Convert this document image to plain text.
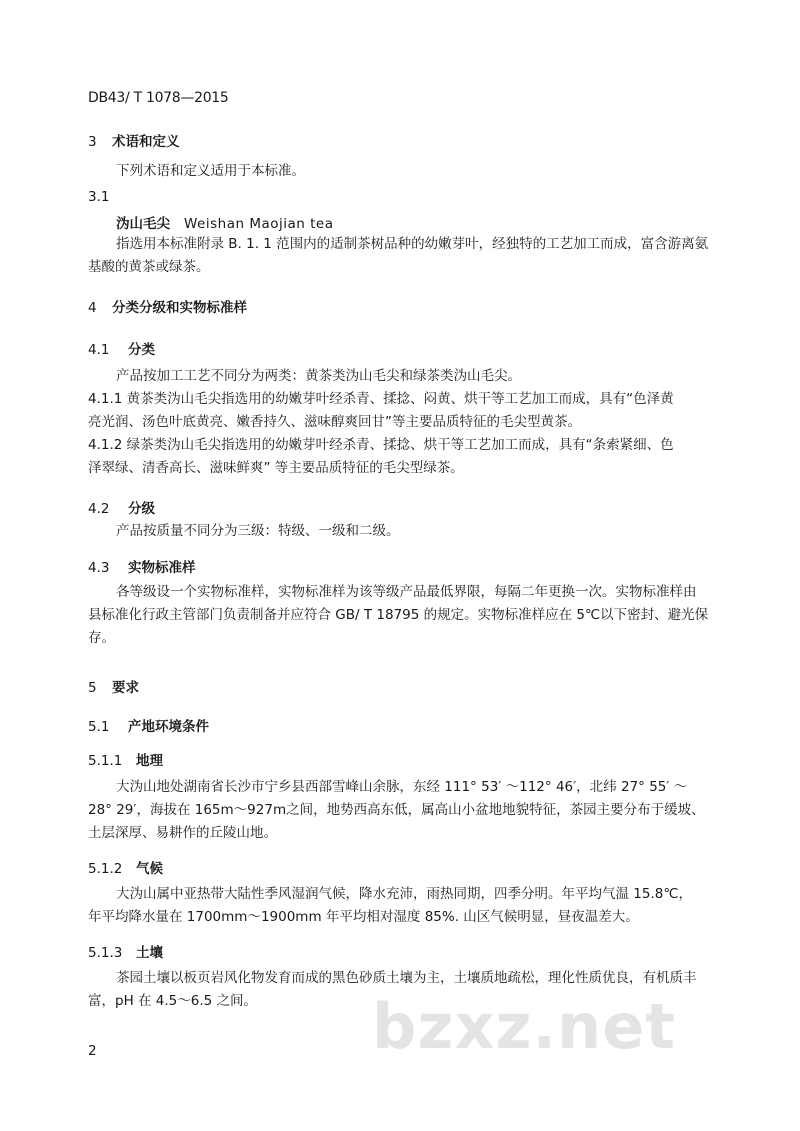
DB43/ T 1078—2015
3 术语和定义
下列术语和定义适用于本标准。
3.1
沩山毛尖 Weishan Maojian tea
指选用本标准附录 B. 1. 1 范围内的适制茶树品种的幼嫩芽叶，经独特的工艺加工而成，富含游离氨
基酸的黄茶或绿茶。
4 分类分级和实物标准样
4.1 分类
产品按加工工艺不同分为两类：黄茶类沩山毛尖和绿茶类沩山毛尖。
4.1.1 黄茶类沩山毛尖指选用的幼嫩芽叶经杀青、揉捻、闷黄、烘干等工艺加工而成，具有“色泽黄
亮光润、汤色叶底黄亮、嫩香持久、滋味醇爽回甘”等主要品质特征的毛尖型黄茶。
4.1.2 绿茶类沩山毛尖指选用的幼嫩芽叶经杀青、揉捻、烘干等工艺加工而成，具有“条索紧细、色
泽翠绿、清香高长、滋味鲜爽” 等主要品质特征的毛尖型绿茶。
4.2 分级
产品按质量不同分为三级：特级、一级和二级。
4.3 实物标准样
各等级设一个实物标准样，实物标准样为该等级产品最低界限，每隔二年更换一次。实物标准样由
县标准化行政主管部门负责制备并应符合 GB/ T 18795 的规定。实物标准样应在 5℃以下密封、避光保
存。
5 要求
5.1 产地环境条件
5.1.1 地理
大沩山地处湖南省长沙市宁乡县西部雪峰山余脉，东经 111° 53′ ～112° 46′，北纬 27° 55′ ～
28° 29′，海拔在 165m～927m之间，地势西高东低，属高山小盆地地貌特征，茶园主要分布于缓坡、
土层深厚、易耕作的丘陵山地。
5.1.2 气候
大沩山属中亚热带大陆性季风湿润气候，降水充沛，雨热同期，四季分明。年平均气温 15.8℃，
年平均降水量在 1700mm～1900mm 年平均相对湿度 85%. 山区气候明显，昼夜温差大。
5.1.3 土壤
茶园土壤以板页岩风化物发育而成的黑色砂质土壤为主，土壤质地疏松，理化性质优良，有机质丰
富，pH 在 4.5～6.5 之间。 bzxz.net
2
